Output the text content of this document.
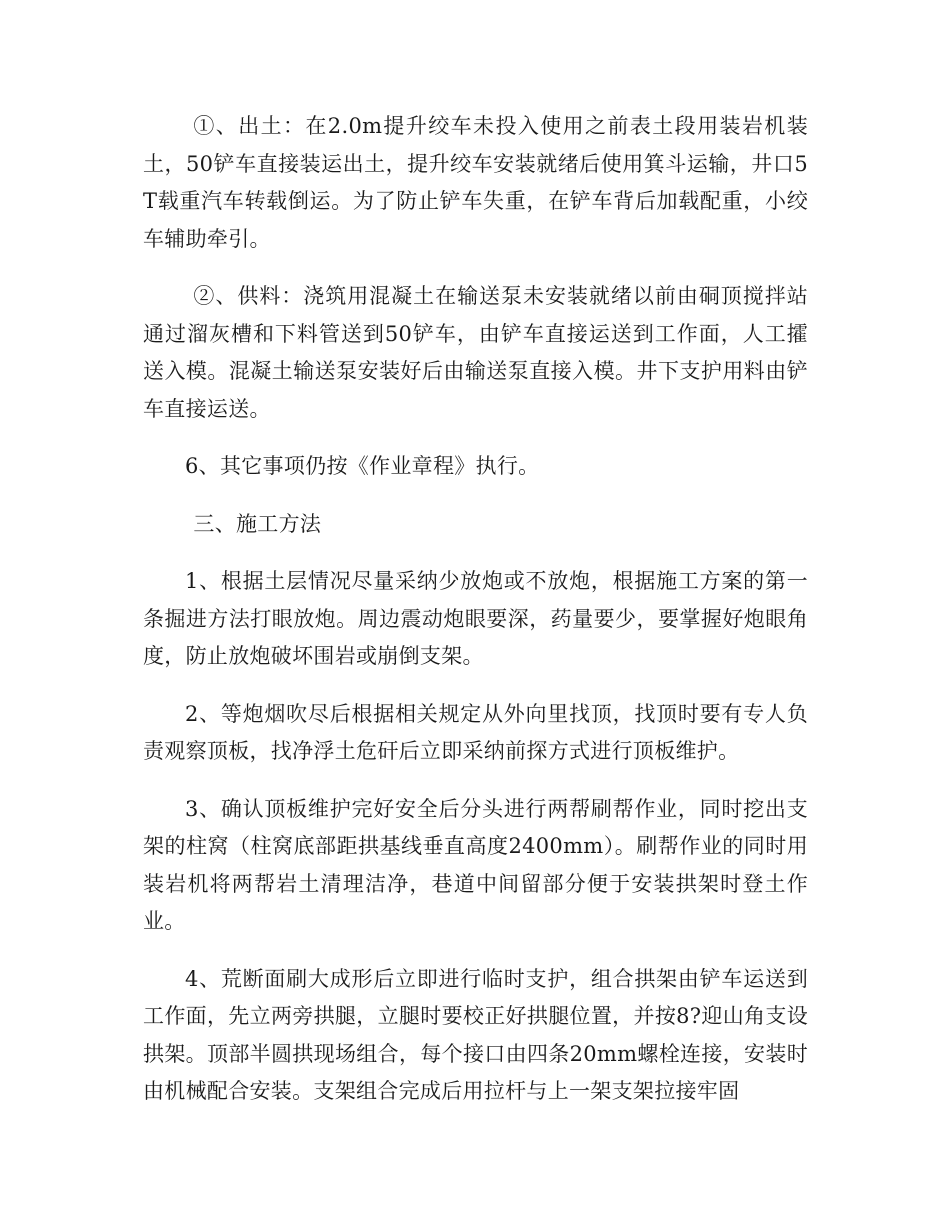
①、出土：在2.0m提升绞车未投入使用之前表土段用装岩机装土，50铲车直接装运出土，提升绞车安装就绪后使用箕斗运输，井口5T载重汽车转载倒运。为了防止铲车失重，在铲车背后加载配重，小绞车辅助牵引。

②、供料：浇筑用混凝土在输送泵未安装就绪以前由硐顶搅拌站通过溜灰槽和下料管送到50铲车，由铲车直接运送到工作面，人工攉送入模。混凝土输送泵安装好后由输送泵直接入模。井下支护用料由铲车直接运送。

6、其它事项仍按《作业章程》执行。

三、施工方法

1、根据土层情况尽量采纳少放炮或不放炮，根据施工方案的第一条掘进方法打眼放炮。周边震动炮眼要深，药量要少，要掌握好炮眼角度，防止放炮破坏围岩或崩倒支架。

2、等炮烟吹尽后根据相关规定从外向里找顶，找顶时要有专人负责观察顶板，找净浮土危矸后立即采纳前探方式进行顶板维护。

3、确认顶板维护完好安全后分头进行两帮刷帮作业，同时挖出支架的柱窝（柱窝底部距拱基线垂直高度2400mm）。刷帮作业的同时用装岩机将两帮岩土清理洁净，巷道中间留部分便于安装拱架时登土作业。

4、荒断面刷大成形后立即进行临时支护，组合拱架由铲车运送到工作面，先立两旁拱腿，立腿时要校正好拱腿位置，并按8?迎山角支设拱架。顶部半圆拱现场组合，每个接口由四条20mm螺栓连接，安装时由机械配合安装。支架组合完成后用拉杆与上一架支架拉接牢固
